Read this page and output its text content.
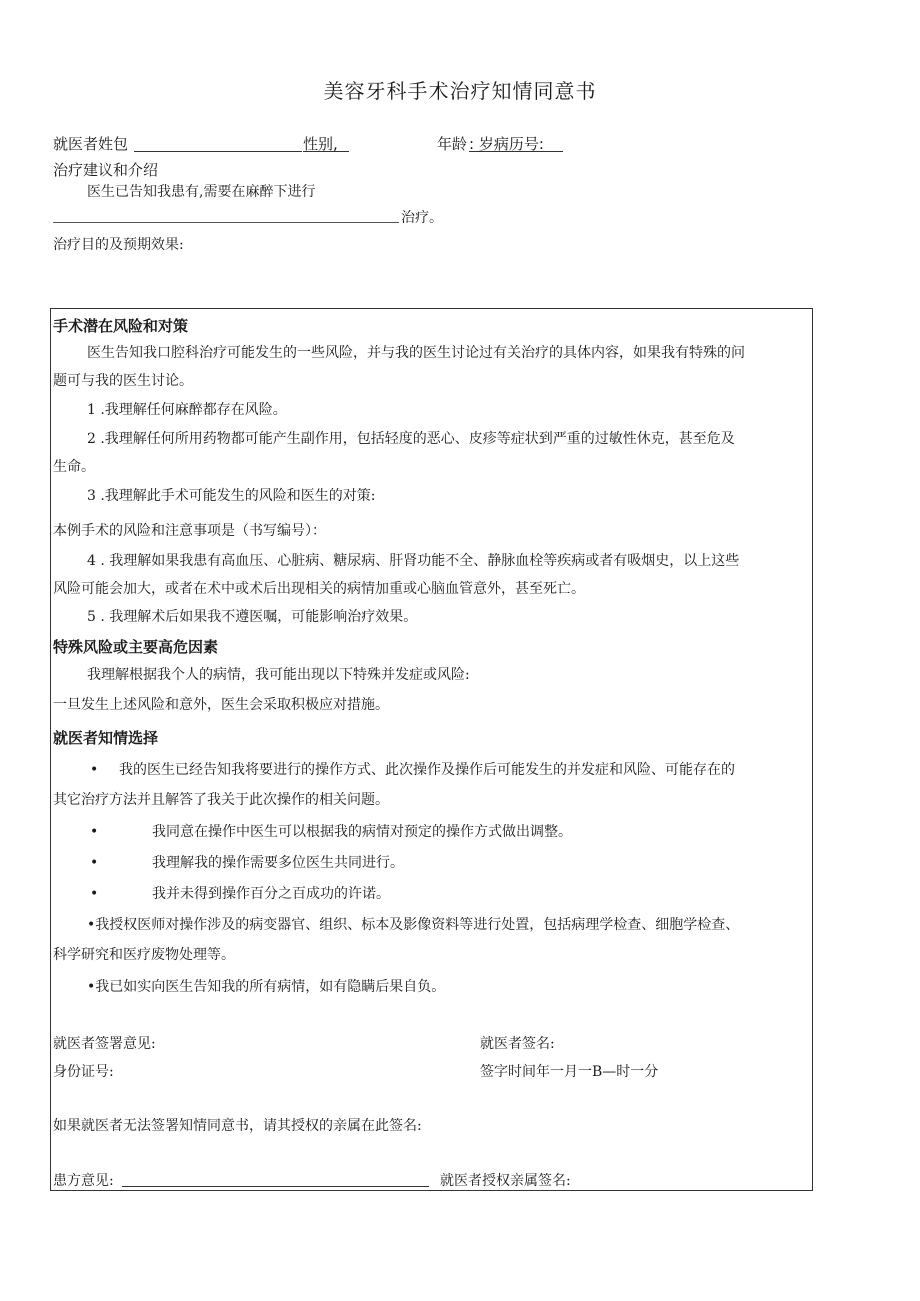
美容牙科手术治疗知情同意书
就医者姓包	性别,	年龄 : 岁病历号:
治疗建议和介绍
医生已告知我患有,需要在麻醉下进行
治疗。
治疗目的及预期效果:
手术潜在风险和对策
医生告知我口腔科治疗可能发生的一些风险，并与我的医生讨论过有关治疗的具体内容，如果我有特殊的问
题可与我的医生讨论。
1 .我理解任何麻醉都存在风险。
2 .我理解任何所用药物都可能产生副作用，包括轻度的恶心、皮疹等症状到严重的过敏性休克，甚至危及
生命。
3 .我理解此手术可能发生的风险和医生的对策:
本例手术的风险和注意事项是（书写编号）：
4 . 我理解如果我患有高血压、心脏病、糖尿病、肝肾功能不全、静脉血栓等疾病或者有吸烟史，以上这些
风险可能会加大，或者在术中或术后出现相关的病情加重或心脑血管意外，甚至死亡。
5 . 我理解术后如果我不遵医嘱，可能影响治疗效果。
特殊风险或主要高危因素
我理解根据我个人的病情，我可能出现以下特殊并发症或风险:
一旦发生上述风险和意外，医生会采取积极应对措施。
就医者知情选择
• 我的医生已经告知我将要进行的操作方式、此次操作及操作后可能发生的并发症和风险、可能存在的
其它治疗方法并且解答了我关于此次操作的相关问题。
•	我同意在操作中医生可以根据我的病情对预定的操作方式做出调整。
•	我理解我的操作需要多位医生共同进行。
•	我并未得到操作百分之百成功的许诺。
•我授权医师对操作涉及的病变器官、组织、标本及影像资料等进行处置，包括病理学检查、细胞学检查、
科学研究和医疗废物处理等。
•我已如实向医生告知我的所有病情，如有隐瞒后果自负。
就医者签署意见:	就医者签名:
身份证号:	签字时间年一月一B—时一分
如果就医者无法签署知情同意书，请其授权的亲属在此签名:
患方意见:	就医者授权亲属签名:
